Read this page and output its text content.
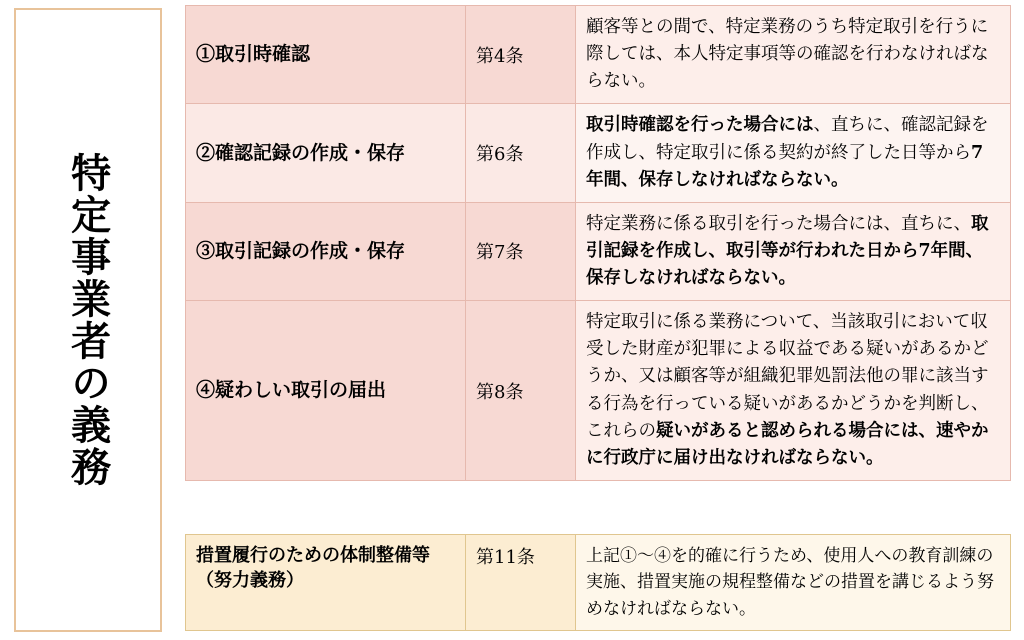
特定事業者の義務
①取引時確認	第4条	顧客等との間で、特定業務のうち特定取引を行うに際しては、本人特定事項等の確認を行わなければならない。
②確認記録の作成・保存	第6条	取引時確認を行った場合には、直ちに、確認記録を作成し、特定取引に係る契約が終了した日等から7年間、保存しなければならない。
③取引記録の作成・保存	第7条	特定業務に係る取引を行った場合には、直ちに、取引記録を作成し、取引等が行われた日から7年間、保存しなければならない。
④疑わしい取引の届出	第8条	特定取引に係る業務について、当該取引において収受した財産が犯罪による収益である疑いがあるかどうか、又は顧客等が組織犯罪処罰法他の罪に該当する行為を行っている疑いがあるかどうかを判断し、これらの疑いがあると認められる場合には、速やかに行政庁に届け出なければならない。
措置履行のための体制整備等（努力義務）	第11条	上記①～④を的確に行うため、使用人への教育訓練の実施、措置実施の規程整備などの措置を講じるよう努めなければならない。
